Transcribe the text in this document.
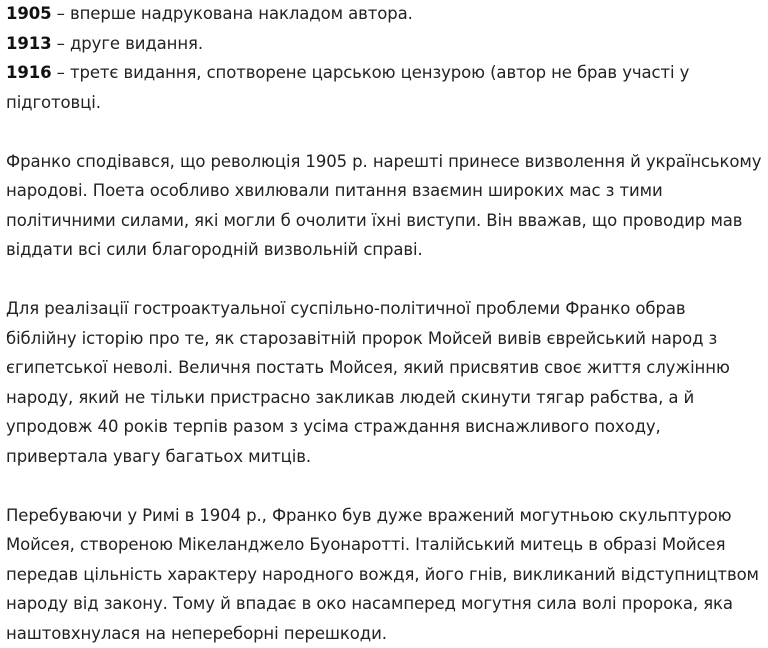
1905 – вперше надрукована накладом автора.
1913 – друге видання.
1916 – третє видання, спотворене царською цензурою (автор не брав участі у
підготовці.

Франко сподівався, що революція 1905 р. нарешті принесе визволення й українському
народові. Поета особливо хвилювали питання взаємин широких мас з тими
політичними силами, які могли б очолити їхні виступи. Він вважав, що проводир мав
віддати всі сили благородній визвольній справі.

Для реалізації гостроактуальної суспільно-політичної проблеми Франко обрав
біблійну історію про те, як старозавітній пророк Мойсей вивів єврейський народ з
єгипетської неволі. Величня постать Мойсея, який присвятив своє життя служінню
народу, який не тільки пристрасно закликав людей скинути тягар рабства, а й
упродовж 40 років терпів разом з усіма страждання виснажливого походу,
привертала увагу багатьох митців.

Перебуваючи у Римі в 1904 р., Франко був дуже вражений могутньою скульптурою
Мойсея, створеною Мікеланджело Буонаротті. Італійський митець в образі Мойсея
передав цільність характеру народного вождя, його гнів, викликаний відступництвом
народу від закону. Тому й впадає в око насамперед могутня сила волі пророка, яка
наштовхнулася на непереборні перешкоди.
